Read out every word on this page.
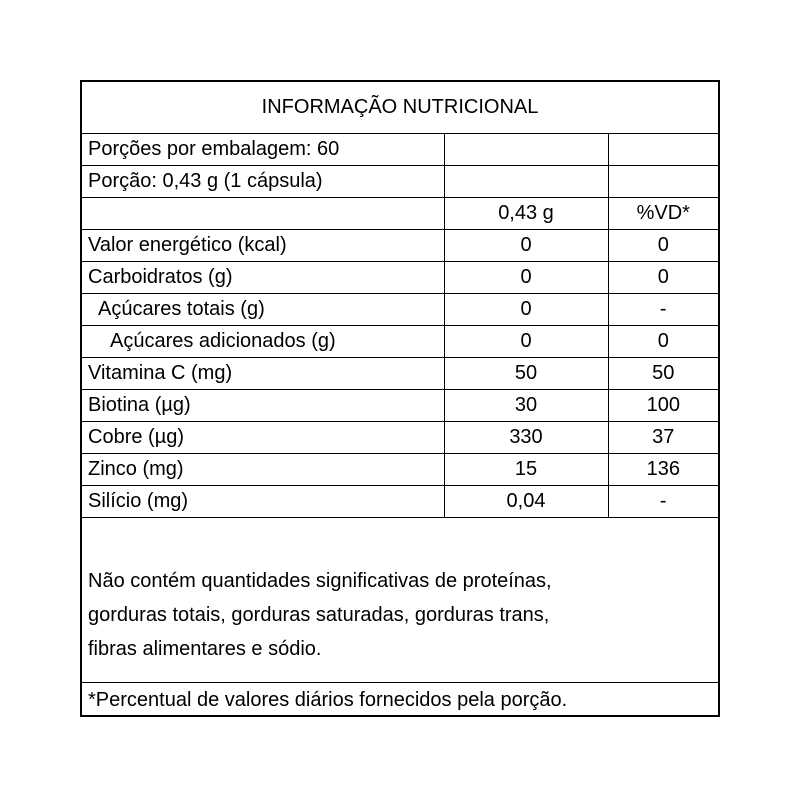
INFORMAÇÃO NUTRICIONAL		
Porções por embalagem: 60		
Porção: 0,43 g (1 cápsula)		
	0,43 g	%VD*
Valor energético (kcal)	0	0
Carboidratos (g)	0	0
Açúcares totais (g)	0	-
Açúcares adicionados (g)	0	0
Vitamina C (mg)	50	50
Biotina (µg)	30	100
Cobre (µg)	330	37
Zinco (mg)	15	136
Silício (mg)	0,04	-
Não contém quantidades significativas de proteínas,
gorduras totais, gorduras saturadas, gorduras trans,
fibras alimentares e sódio.
*Percentual de valores diários fornecidos pela porção.
